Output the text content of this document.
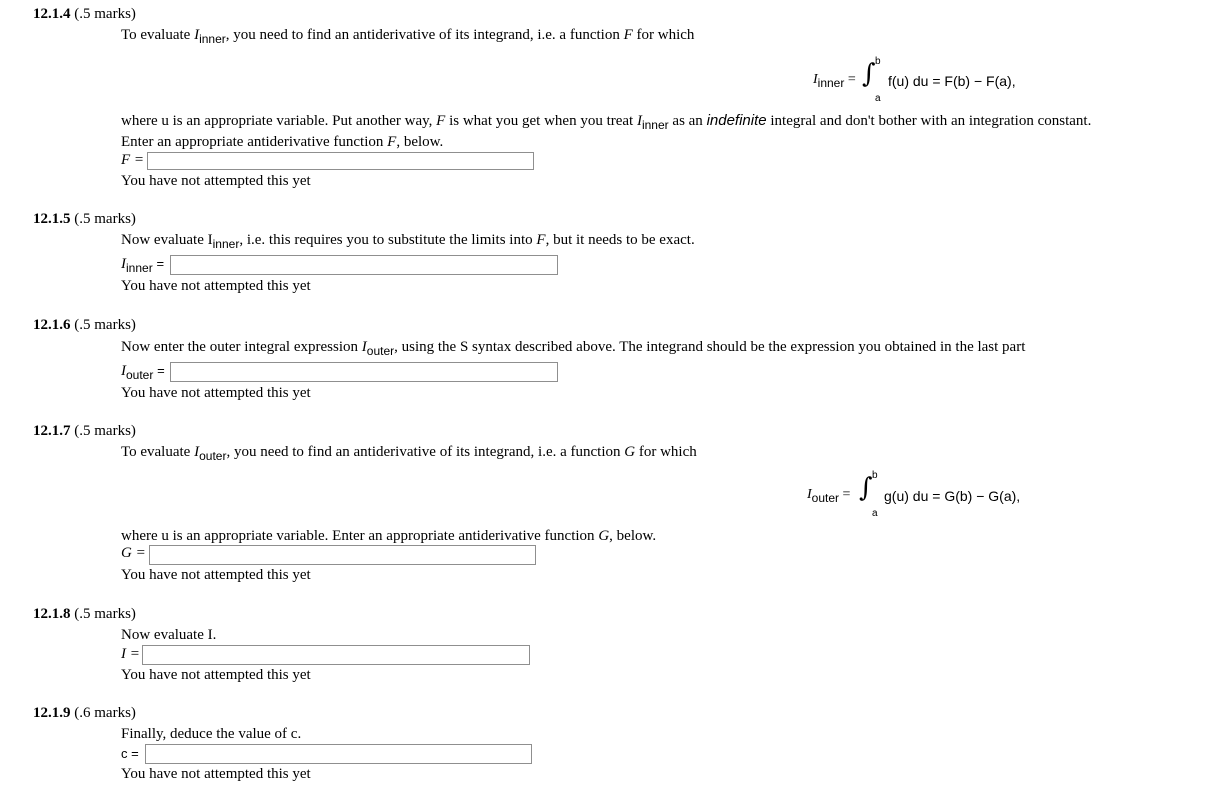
12.1.4 (.5 marks)
To evaluate $I_{inner}$, you need to find an antiderivative of its integrand, i.e. a function F for which
$I_{inner}$ = ∫ b
a
f(u) du = F(b) − F(a),
where u is an appropriate variable. Put another way, F is what you get when you treat $I_{inner}$ as an indefinite integral and don't bother with an integration constant.
Enter an appropriate antiderivative function F, below.
F =
You have not attempted this yet
12.1.5 (.5 marks)
Now evaluate $I_{inner}$, i.e. this requires you to substitute the limits into F, but it needs to be exact.
$I_{inner}$ =
You have not attempted this yet
12.1.6 (.5 marks)
Now enter the outer integral expression $I_{outer}$, using the S syntax described above. The integrand should be the expression you obtained in the last part
$I_{outer}$ =
You have not attempted this yet
12.1.7 (.5 marks)
To evaluate $I_{outer}$, you need to find an antiderivative of its integrand, i.e. a function G for which
$I_{outer}$ = ∫ b
a
g(u) du = G(b) − G(a),
where u is an appropriate variable. Enter an appropriate antiderivative function G, below.
G =
You have not attempted this yet
12.1.8 (.5 marks)
Now evaluate I.
I =
You have not attempted this yet
12.1.9 (.6 marks)
Finally, deduce the value of c.
c =
You have not attempted this yet
